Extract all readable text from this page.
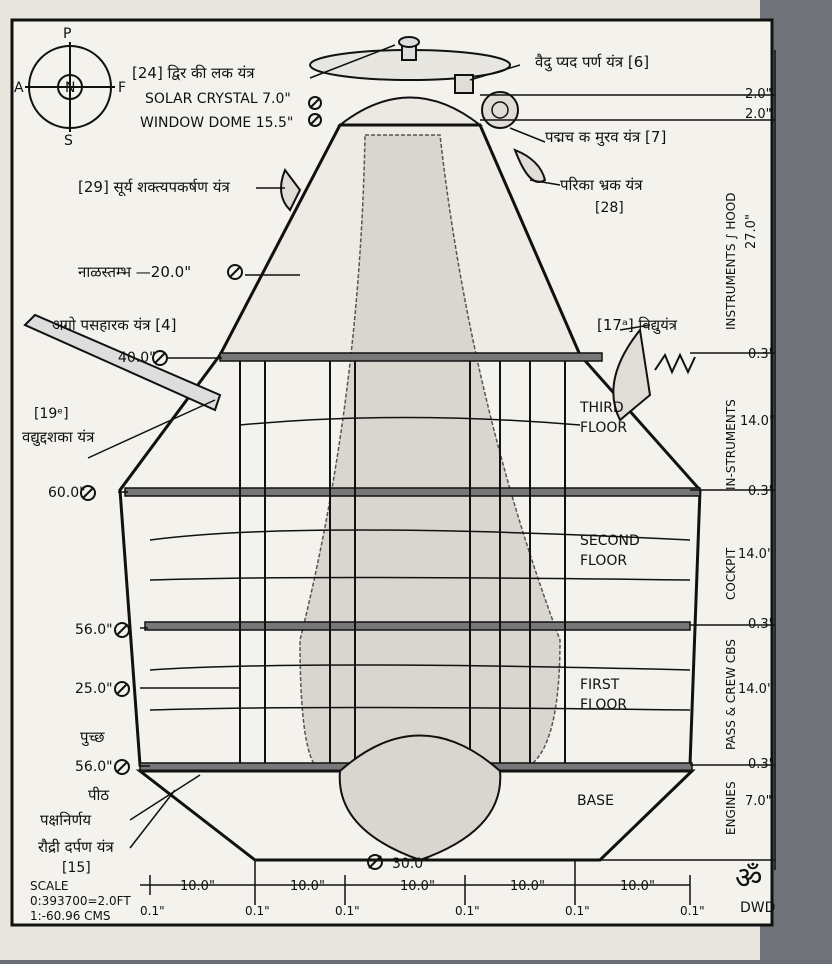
N
P
A	F
S
[24] द्विर की लक यंत्र
SOLAR CRYSTAL 7.0"
WINDOW DOME 15.5"
[29] सूर्य शक्त्यपकर्षण यंत्र
नाळस्तम्भ —20.0"
अगो पसहारक यंत्र [4]
40.0"
[19ᵉ]
वद्युद्दशका यंत्र
60.0"
56.0"
25.0"
पुच्छ
56.0"
पीठ
पक्षनिर्णय
रौद्री दर्पण यंत्र
[15]
वैदु प्यद पर्ण यंत्र [6]
पद्मच क मुरव यंत्र [7]
परिका भ्रक यंत्र
[28]
[17ᵃ] विद्युयंत्र
THIRD
FLOOR
SECOND
FLOOR
FIRST
FLOOR
BASE
30.0"
2.0"
2.0"
27.0"
0.3"
14.0"
0.3"
14.0"
0.3"
14.0"
0.3"
7.0"
INSTRUMENTS ∫ HOOD
IN-STRUMENTS
COCKPIT
PASS & CREW CBS
ENGINES
10.0"	10.0"	10.0"	10.0"	10.0"
0.1"	0.1"	0.1"	0.1"	0.1"
0.1"
SCALE
0:393700=2.0FT
1:-60.96 CMS
ॐ
DWD
